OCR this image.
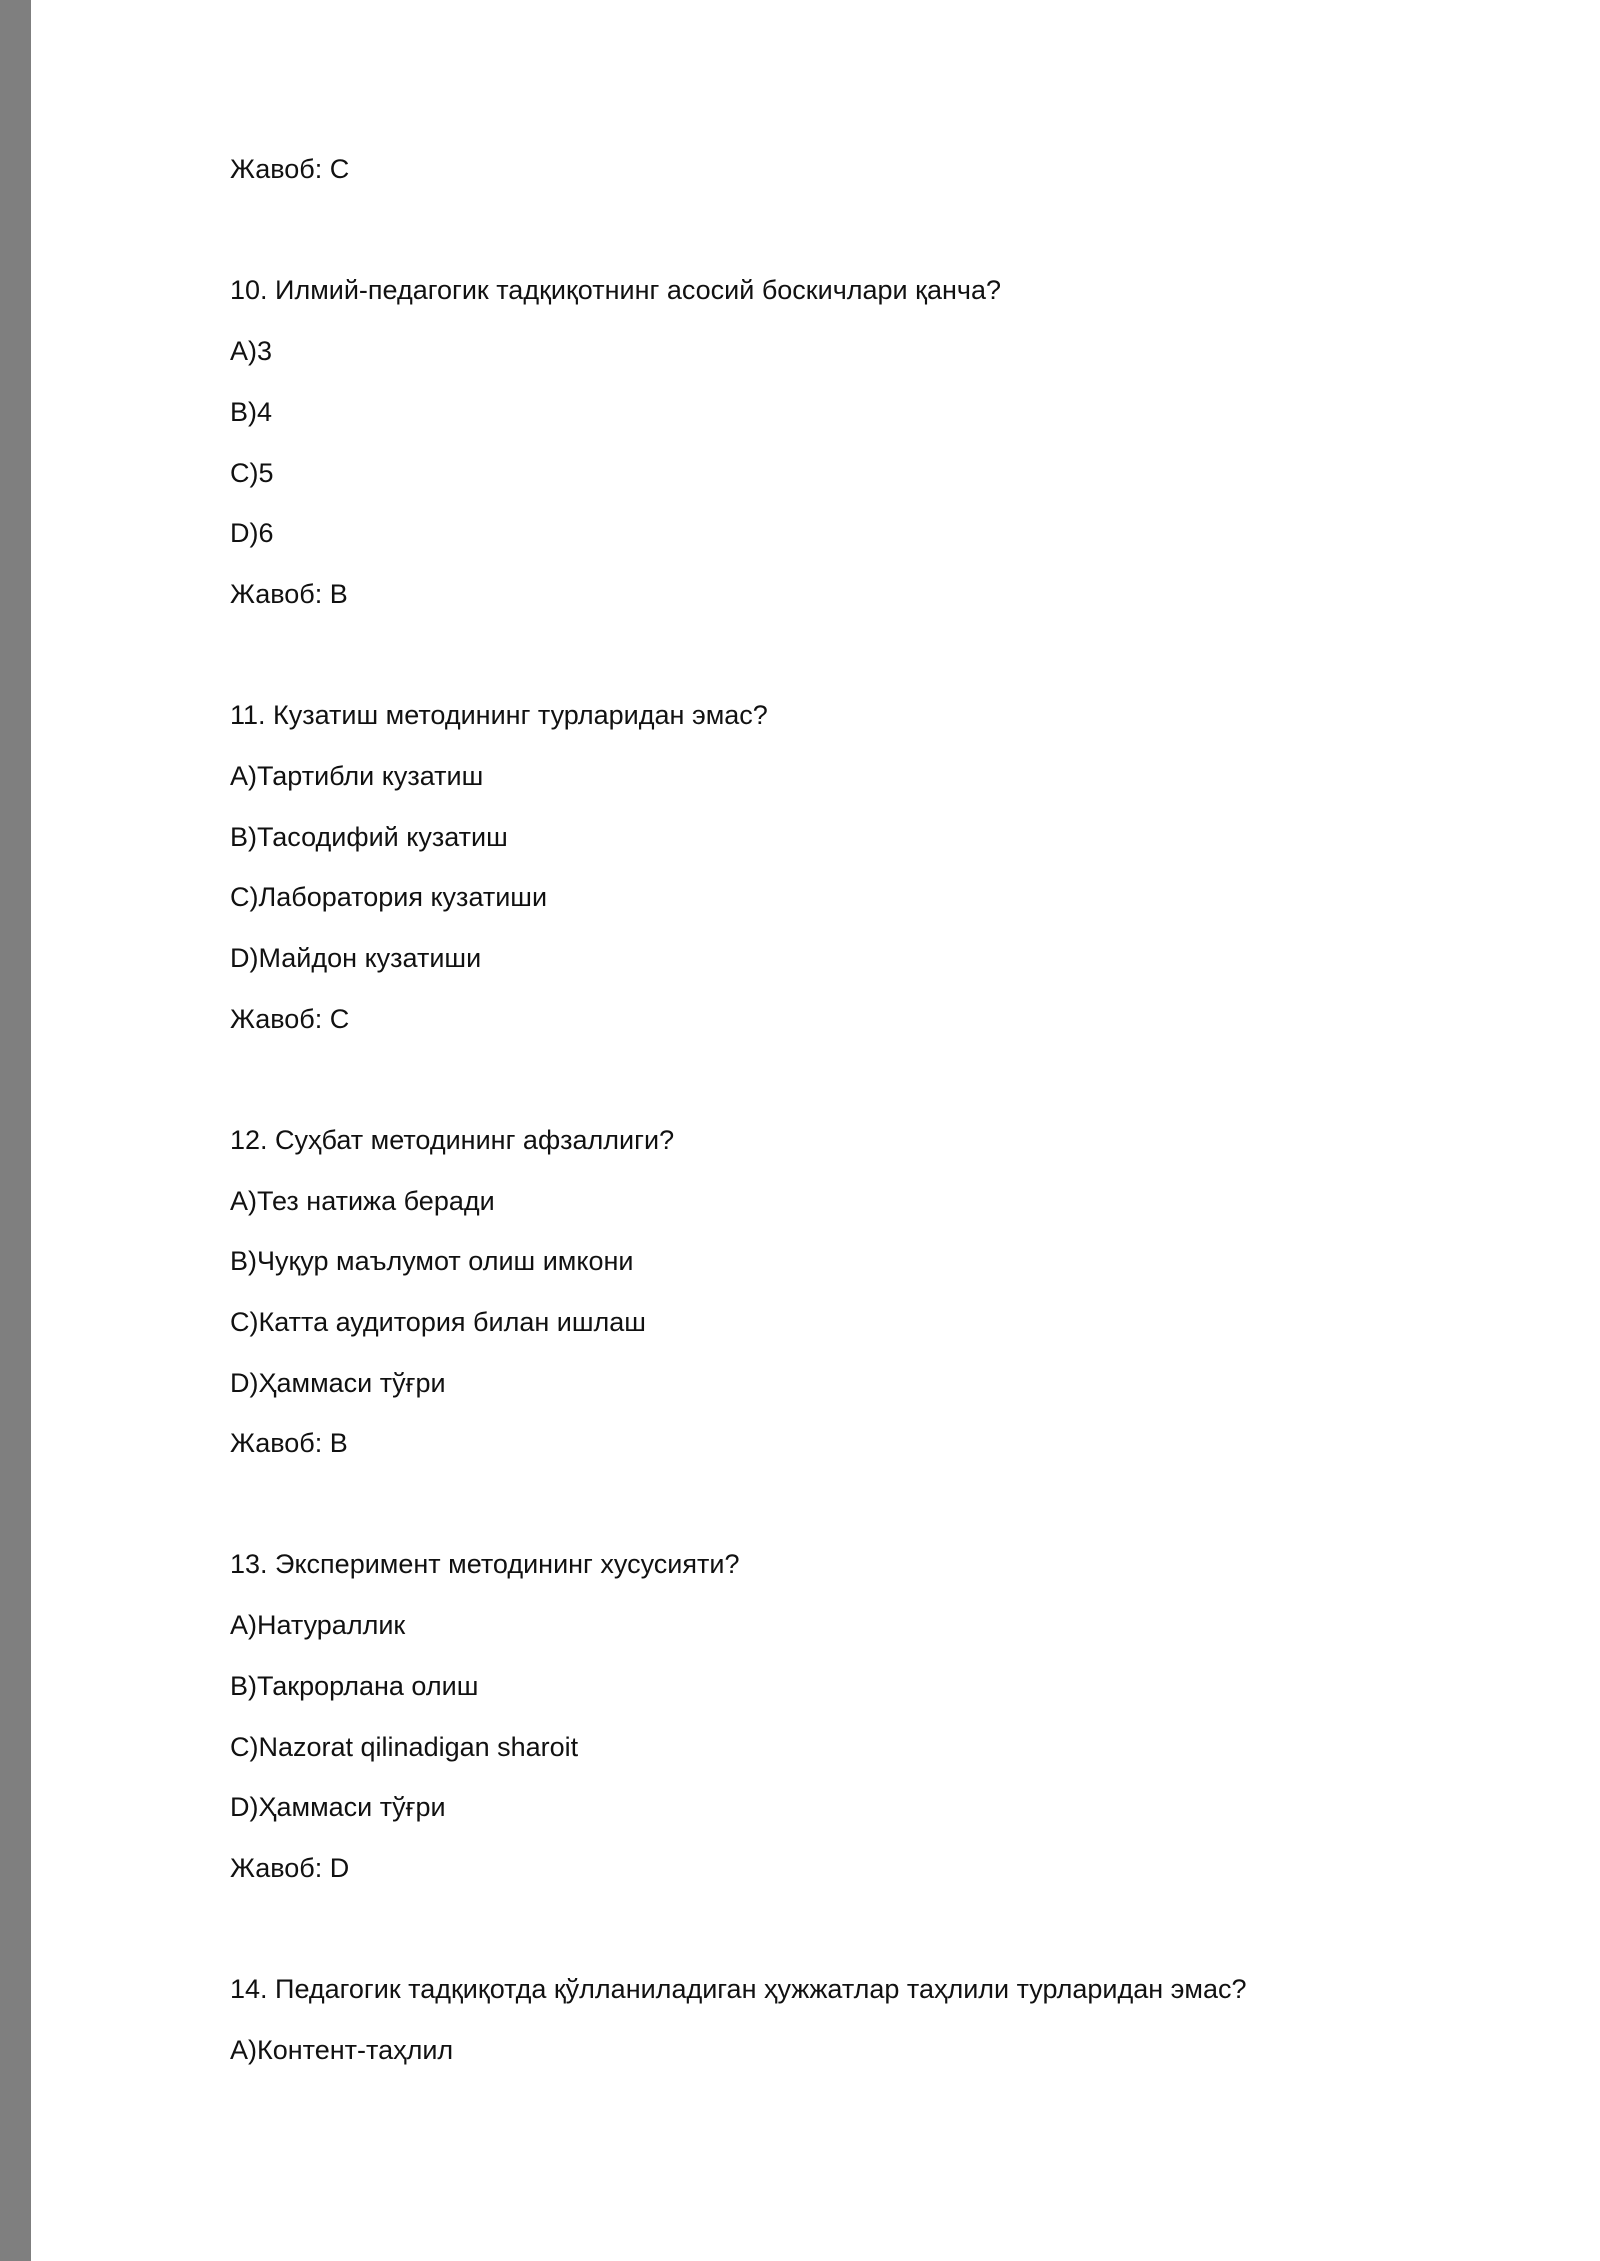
Жавоб: C
10. Илмий-педагогик тадқиқотнинг асосий боскичлари қанча?
A)3
B)4
C)5
D)6
Жавоб: B
11. Кузатиш методининг турларидан эмас?
A)Тартибли кузатиш
B)Тасодифий кузатиш
C)Лаборатория кузатиши
D)Майдон кузатиши
Жавоб: C
12. Суҳбат методининг афзаллиги?
A)Тез натижа беради
B)Чуқур маълумот олиш имкони
C)Катта аудитория билан ишлаш
D)Ҳаммаси тўғри
Жавоб: B
13. Эксперимент методининг хусусияти?
A)Натураллик
B)Такрорлана олиш
C)Nazorat qilinadigan sharoit
D)Ҳаммаси тўғри
Жавоб: D
14. Педагогик тадқиқотда қўлланиладиган ҳужжатлар таҳлили турларидан эмас?
A)Контент-таҳлил
